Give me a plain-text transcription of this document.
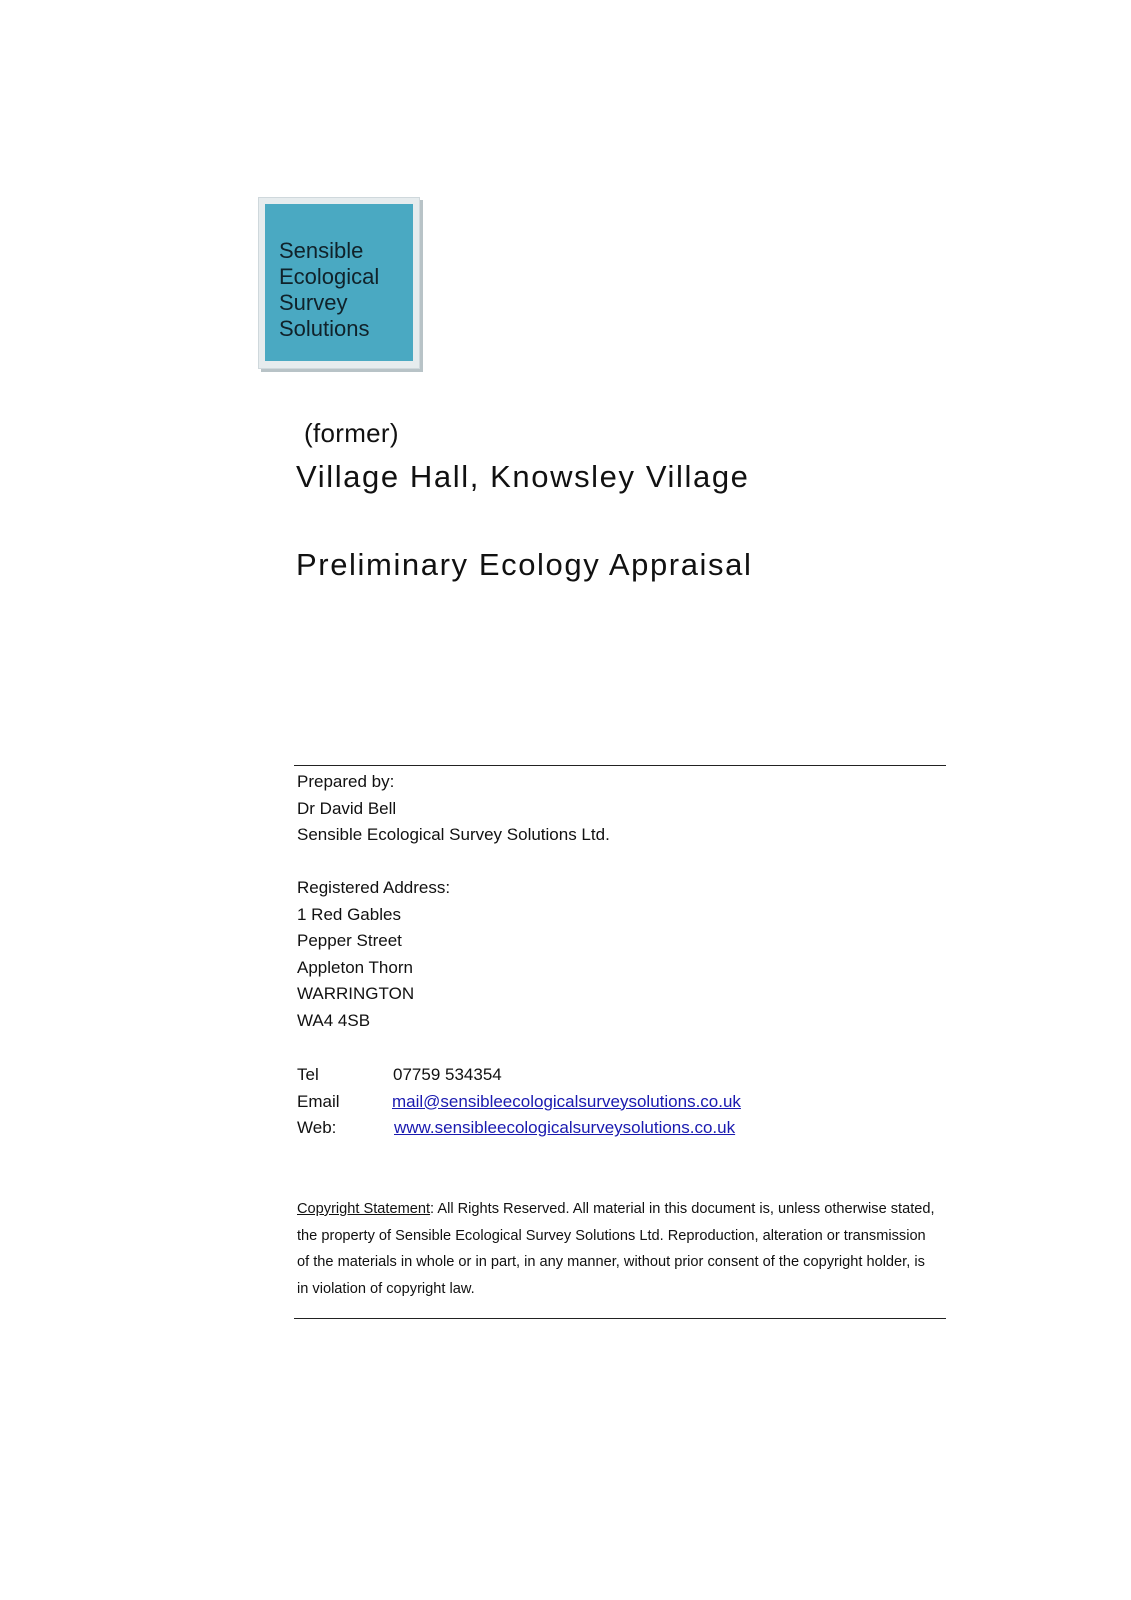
Sensible
Ecological
Survey
Solutions
(former)
Village Hall, Knowsley Village
Preliminary Ecology Appraisal
Prepared by:
Dr David Bell
Sensible Ecological Survey Solutions Ltd.
Registered Address:
1 Red Gables
Pepper Street
Appleton Thorn
WARRINGTON
WA4 4SB
Tel	07759 534354
Email	mail@sensibleecologicalsurveysolutions.co.uk
Web:	www.sensibleecologicalsurveysolutions.co.uk
Copyright Statement: All Rights Reserved. All material in this document is, unless otherwise stated, the property of Sensible Ecological Survey Solutions Ltd. Reproduction, alteration or transmission of the materials in whole or in part, in any manner, without prior consent of the copyright holder, is in violation of copyright law.
